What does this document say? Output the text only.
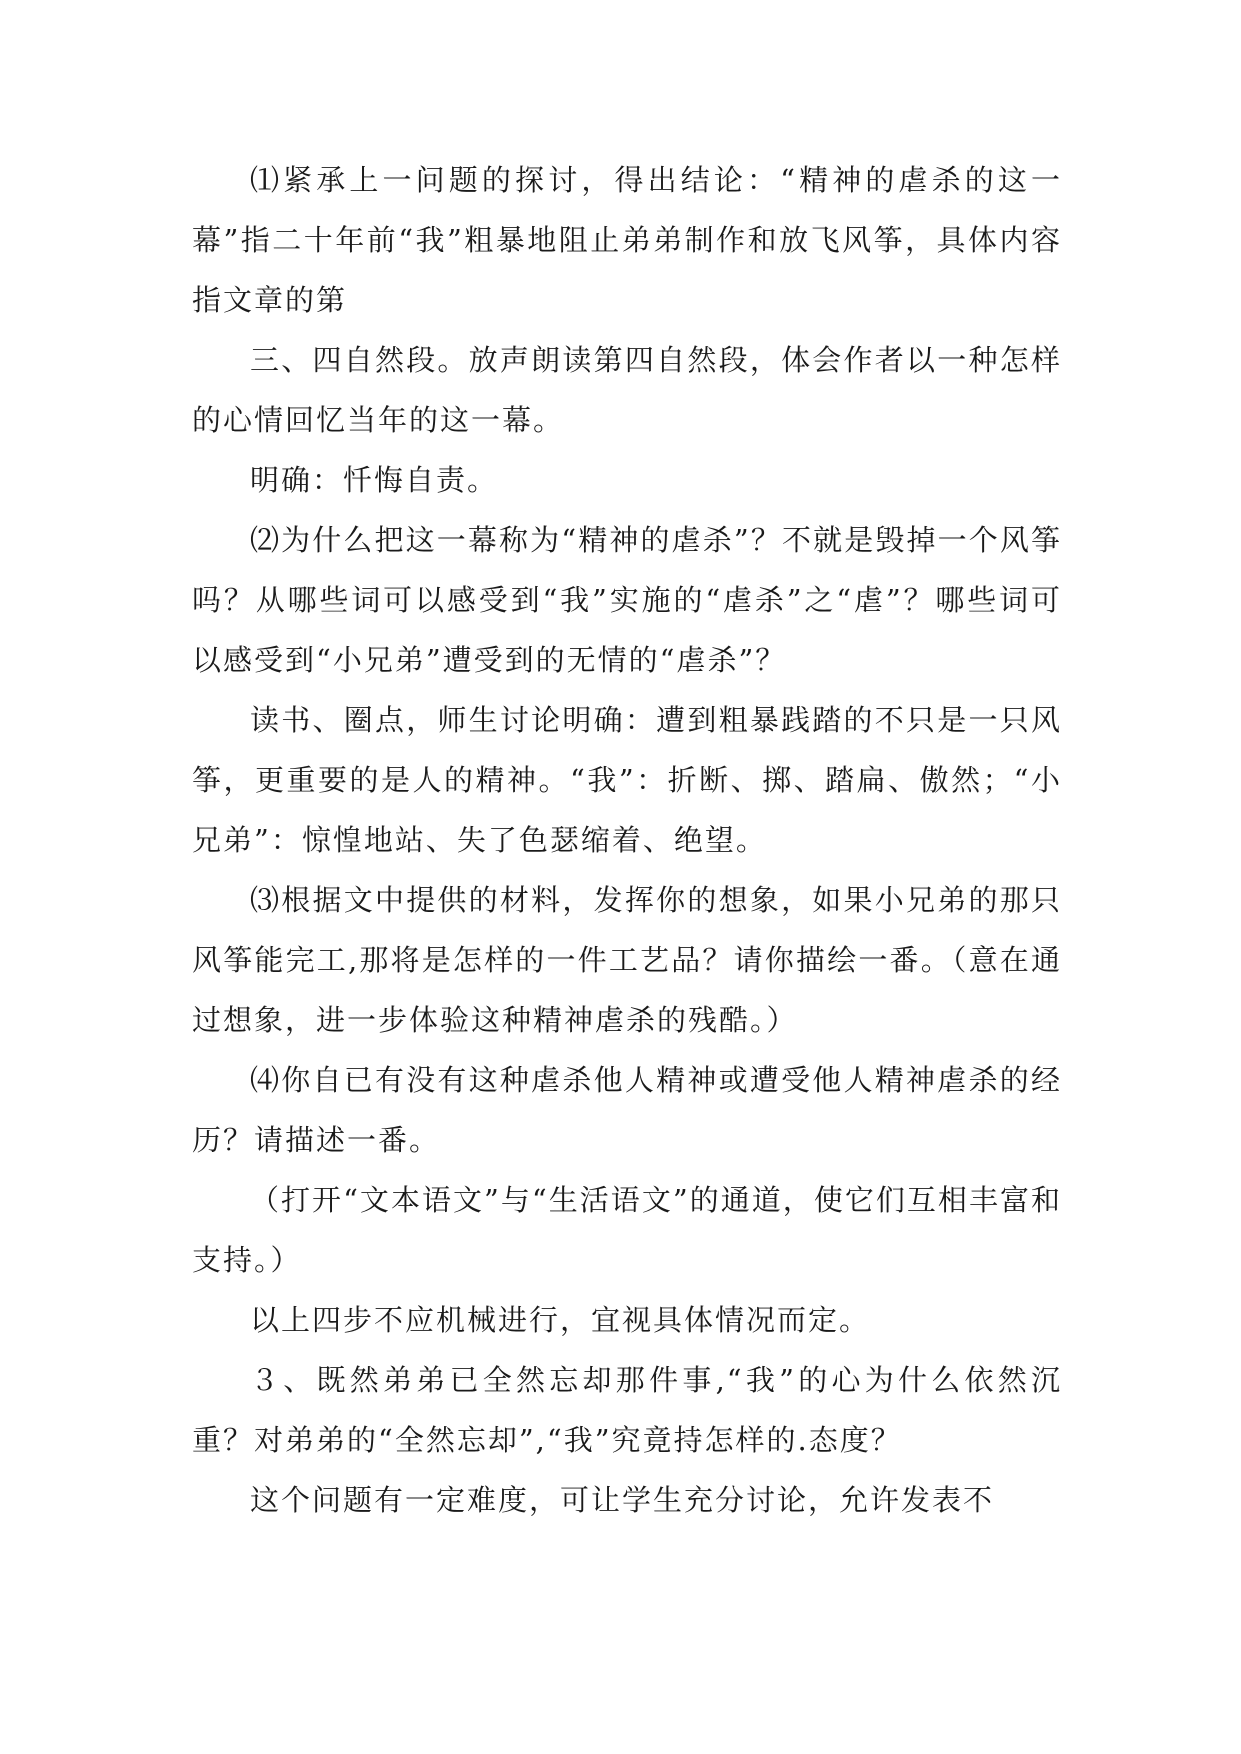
⑴紧承上一问题的探讨，得出结论：“精神的虐杀的这一幕”指二十年前“我”粗暴地阻止弟弟制作和放飞风筝，具体内容指文章的第

三、四自然段。放声朗读第四自然段，体会作者以一种怎样的心情回忆当年的这一幕。

明确：忏悔自责。

⑵为什么把这一幕称为“精神的虐杀”？不就是毁掉一个风筝吗？从哪些词可以感受到“我”实施的“虐杀”之“虐”？哪些词可以感受到“小兄弟”遭受到的无情的“虐杀”？

读书、圈点，师生讨论明确：遭到粗暴践踏的不只是一只风筝，更重要的是人的精神。“我”：折断、掷、踏扁、傲然；“小兄弟”：惊惶地站、失了色瑟缩着、绝望。

⑶根据文中提供的材料，发挥你的想象，如果小兄弟的那只风筝能完工,那将是怎样的一件工艺品？请你描绘一番。（意在通过想象，进一步体验这种精神虐杀的残酷。）

⑷你自已有没有这种虐杀他人精神或遭受他人精神虐杀的经历？请描述一番。

（打开“文本语文”与“生活语文”的通道，使它们互相丰富和支持。）

以上四步不应机械进行，宜视具体情况而定。

３、既然弟弟已全然忘却那件事,“我”的心为什么依然沉重？对弟弟的“全然忘却”,“我”究竟持怎样的.态度？

这个问题有一定难度，可让学生充分讨论，允许发表不
